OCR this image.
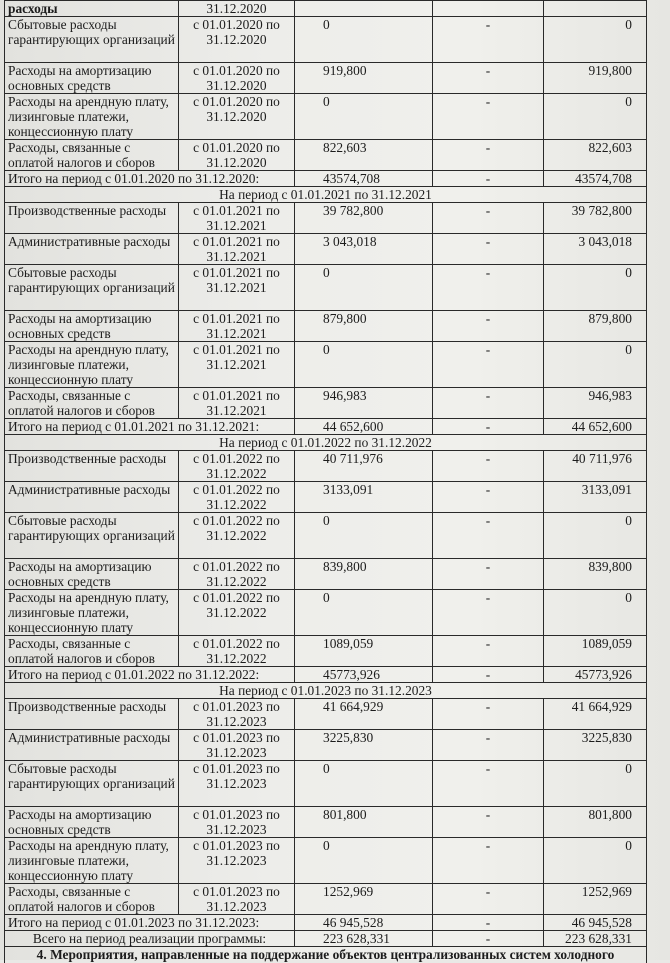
расходы	31.12.2020			
Сбытовые расходы гарантирующих организаций	с 01.01.2020 по 31.12.2020	0	-	0
Расходы на амортизацию основных средств	с 01.01.2020 по 31.12.2020	919,800	-	919,800
Расходы на арендную плату, лизинговые платежи, концессионную плату	с 01.01.2020 по 31.12.2020	0	-	0
Расходы, связанные с оплатой налогов и сборов	с 01.01.2020 по 31.12.2020	822,603	-	822,603
Итого на период с 01.01.2020 по 31.12.2020:		43574,708	-	43574,708
На период с 01.01.2021 по 31.12.2021				
Производственные расходы	с 01.01.2021 по 31.12.2021	39 782,800	-	39 782,800
Административные расходы	с 01.01.2021 по 31.12.2021	3 043,018	-	3 043,018
Сбытовые расходы гарантирующих организаций	с 01.01.2021 по 31.12.2021	0	-	0
Расходы на амортизацию основных средств	с 01.01.2021 по 31.12.2021	879,800	-	879,800
Расходы на арендную плату, лизинговые платежи, концессионную плату	с 01.01.2021 по 31.12.2021	0	-	0
Расходы, связанные с оплатой налогов и сборов	с 01.01.2021 по 31.12.2021	946,983	-	946,983
Итого на период с 01.01.2021 по 31.12.2021:		44 652,600	-	44 652,600
На период с 01.01.2022 по 31.12.2022				
Производственные расходы	с 01.01.2022 по 31.12.2022	40 711,976	-	40 711,976
Административные расходы	с 01.01.2022 по 31.12.2022	3133,091	-	3133,091
Сбытовые расходы гарантирующих организаций	с 01.01.2022 по 31.12.2022	0	-	0
Расходы на амортизацию основных средств	с 01.01.2022 по 31.12.2022	839,800	-	839,800
Расходы на арендную плату, лизинговые платежи, концессионную плату	с 01.01.2022 по 31.12.2022	0	-	0
Расходы, связанные с оплатой налогов и сборов	с 01.01.2022 по 31.12.2022	1089,059	-	1089,059
Итого на период с 01.01.2022 по 31.12.2022:		45773,926	-	45773,926
На период с 01.01.2023 по 31.12.2023				
Производственные расходы	с 01.01.2023 по 31.12.2023	41 664,929	-	41 664,929
Административные расходы	с 01.01.2023 по 31.12.2023	3225,830	-	3225,830
Сбытовые расходы гарантирующих организаций	с 01.01.2023 по 31.12.2023	0	-	0
Расходы на амортизацию основных средств	с 01.01.2023 по 31.12.2023	801,800	-	801,800
Расходы на арендную плату, лизинговые платежи, концессионную плату	с 01.01.2023 по 31.12.2023	0	-	0
Расходы, связанные с оплатой налогов и сборов	с 01.01.2023 по 31.12.2023	1252,969	-	1252,969
Итого на период с 01.01.2023 по 31.12.2023:		46 945,528	-	46 945,528
Всего на период реализации программы:		223 628,331	-	223 628,331
4. Мероприятия, направленные на поддержание объектов централизованных систем холодного				
